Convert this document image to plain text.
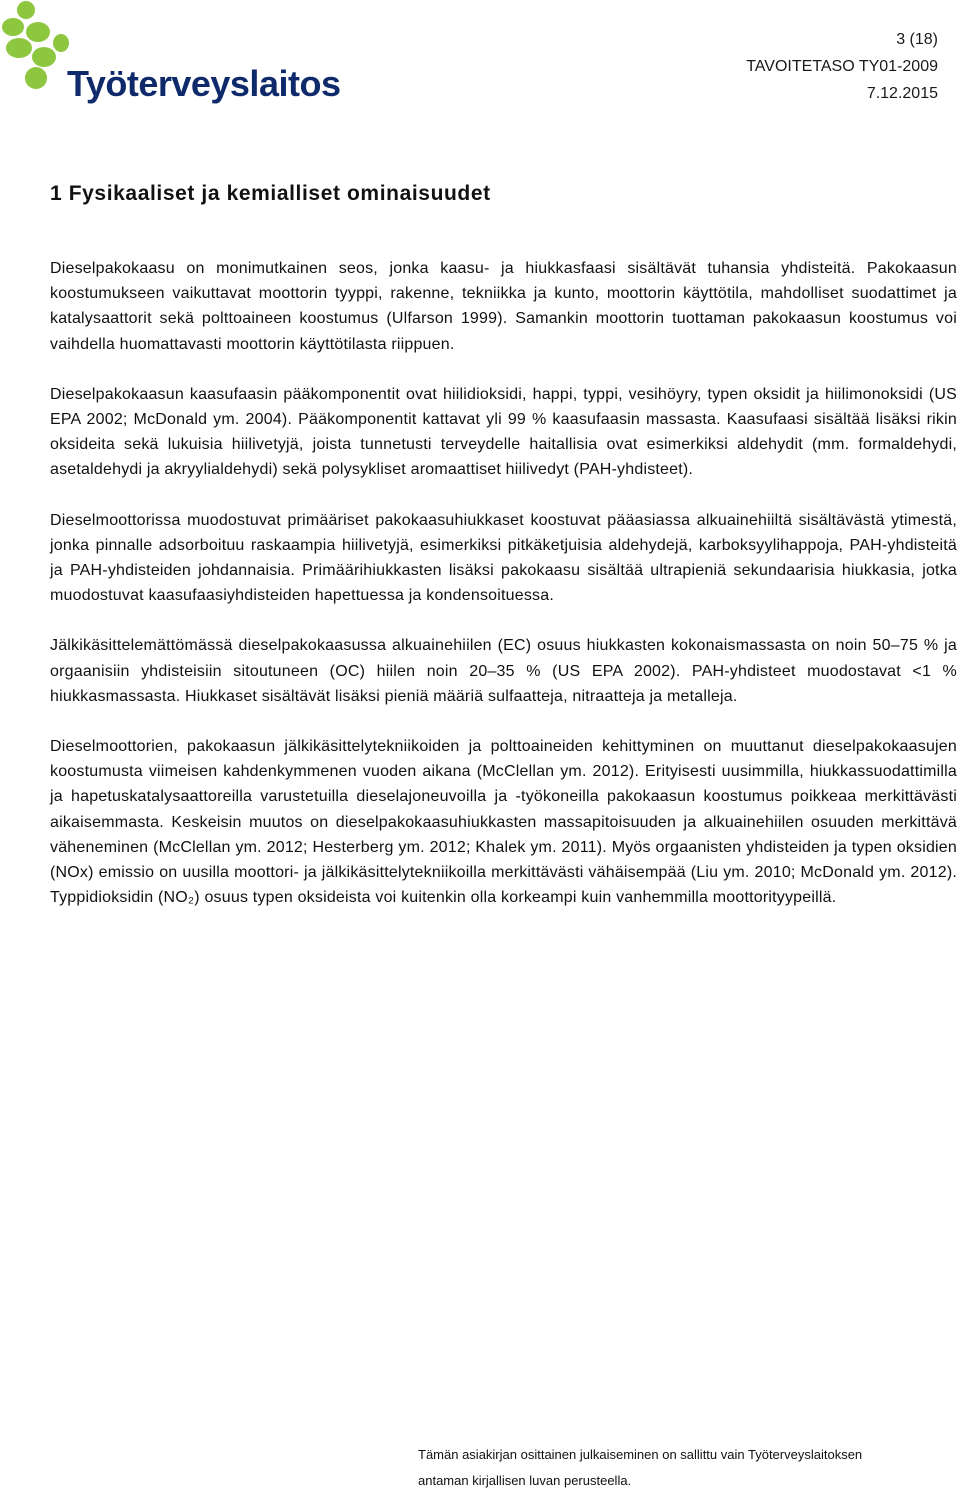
Työterveyslaitos
3 (18)
TAVOITETASO TY01-2009
7.12.2015
1 Fysikaaliset ja kemialliset ominaisuudet

Dieselpakokaasu on monimutkainen seos, jonka kaasu- ja hiukkasfaasi sisältävät tuhansia yhdisteitä. Pakokaasun koostumukseen vaikuttavat moottorin tyyppi, rakenne, tekniikka ja kunto, moottorin käyttötila, mahdolliset suodattimet ja katalysaattorit sekä polttoaineen koostumus (Ulfarson 1999). Samankin moottorin tuottaman pakokaasun koostumus voi vaihdella huomattavasti moottorin käyttötilasta riippuen.

Dieselpakokaasun kaasufaasin pääkomponentit ovat hiilidioksidi, happi, typpi, vesihöyry, typen oksidit ja hiilimonoksidi (US EPA 2002; McDonald ym. 2004). Pääkomponentit kattavat yli 99 % kaasufaasin massasta. Kaasufaasi sisältää lisäksi rikin oksideita sekä lukuisia hiilivetyjä, joista tunnetusti terveydelle haitallisia ovat esimerkiksi aldehydit (mm. formaldehydi, asetaldehydi ja akryylialdehydi) sekä polysykliset aromaattiset hiilivedyt (PAH-yhdisteet).

Dieselmoottorissa muodostuvat primääriset pakokaasuhiukkaset koostuvat pääasiassa alkuainehiiltä sisältävästä ytimestä, jonka pinnalle adsorboituu raskaampia hiilivetyjä, esimerkiksi pitkäketjuisia aldehydejä, karboksyylihappoja, PAH-yhdisteitä ja PAH-yhdisteiden johdannaisia. Primäärihiukkasten lisäksi pakokaasu sisältää ultrapieniä sekundaarisia hiukkasia, jotka muodostuvat kaasufaasiyhdisteiden hapettuessa ja kondensoituessa.

Jälkikäsittelemättömässä dieselpakokaasussa alkuainehiilen (EC) osuus hiukkasten kokonaismassasta on noin 50–75 % ja orgaanisiin yhdisteisiin sitoutuneen (OC) hiilen noin 20–35 % (US EPA 2002). PAH-yhdisteet muodostavat <1 % hiukkasmassasta. Hiukkaset sisältävät lisäksi pieniä määriä sulfaatteja, nitraatteja ja metalleja.

Dieselmoottorien, pakokaasun jälkikäsittelytekniikoiden ja polttoaineiden kehittyminen on muuttanut dieselpakokaasujen koostumusta viimeisen kahdenkymmenen vuoden aikana (McClellan ym. 2012). Erityisesti uusimmilla, hiukkassuodattimilla ja hapetuskatalysaattoreilla varustetuilla dieselajoneuvoilla ja -työkoneilla pakokaasun koostumus poikkeaa merkittävästi aikaisemmasta. Keskeisin muutos on dieselpakokaasuhiukkasten massapitoisuuden ja alkuainehiilen osuuden merkittävä väheneminen (McClellan ym. 2012; Hesterberg ym. 2012; Khalek ym. 2011). Myös orgaanisten yhdisteiden ja typen oksidien (NOx) emissio on uusilla moottori- ja jälkikäsittelytekniikoilla merkittävästi vähäisempää (Liu ym. 2010; McDonald ym. 2012). Typpidioksidin (NO₂) osuus typen oksideista voi kuitenkin olla korkeampi kuin vanhemmilla moottorityypeillä.

Tämän asiakirjan osittainen julkaiseminen on sallittu vain Työterveyslaitoksen
antaman kirjallisen luvan perusteella.
